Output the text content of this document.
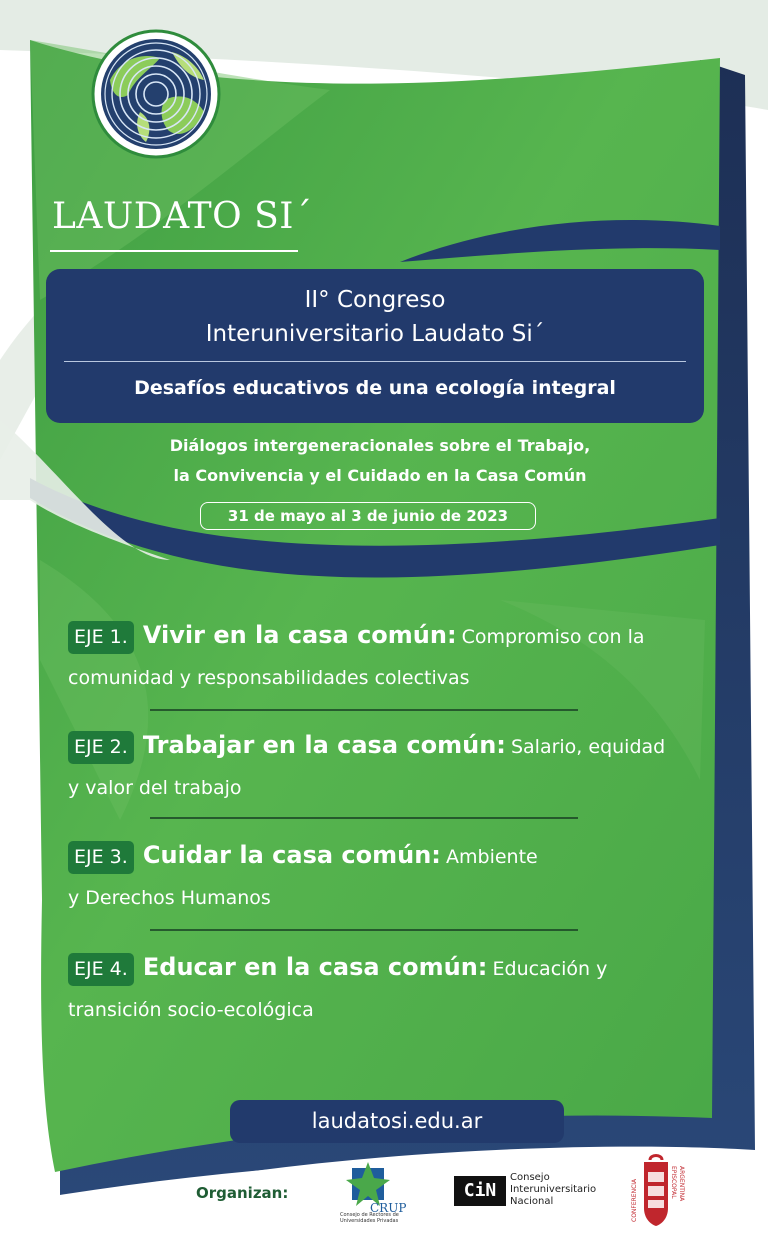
LAUDATO SI´
II° Congreso
Interuniversitario Laudato Si´
Desafíos educativos de una ecología integral
Diálogos intergeneracionales sobre el Trabajo,
la Convivencia y el Cuidado en la Casa Común
31 de mayo al 3 de junio de 2023
EJE 1. Vivir en la casa común: Compromiso con la
comunidad y responsabilidades colectivas
EJE 2. Trabajar en la casa común: Salario, equidad
y valor del trabajo
EJE 3. Cuidar la casa común: Ambiente
y Derechos Humanos
EJE 4. Educar en la casa común: Educación y
transición socio-ecológica
laudatosi.edu.ar
Organizan:
CRUP
Consejo de Rectores de Universidades Privadas
CiN
Consejo
Interuniversitario
Nacional	CONFERENCIA	EPISCOPAL ARGENTINA
